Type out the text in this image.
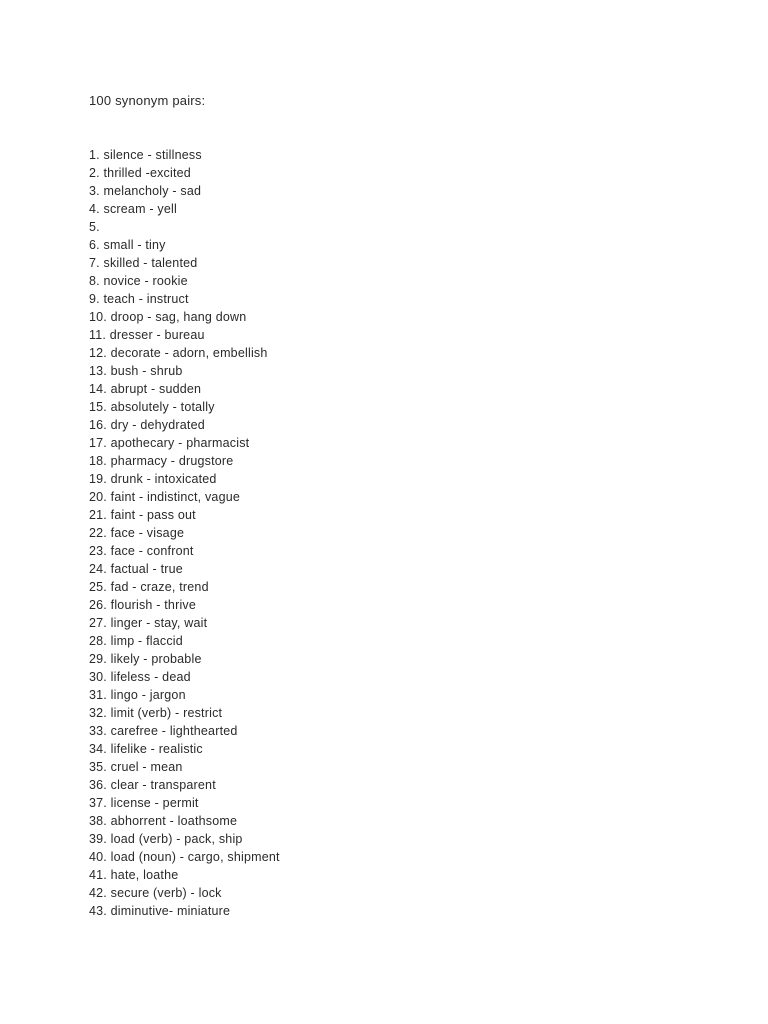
100 synonym pairs:
1. silence - stillness
2. thrilled -excited
3. melancholy - sad
4. scream - yell
5.
6. small - tiny
7. skilled - talented
8. novice - rookie
9. teach - instruct
10. droop - sag, hang down
11. dresser - bureau
12. decorate - adorn, embellish
13. bush - shrub
14. abrupt - sudden
15. absolutely - totally
16. dry - dehydrated
17. apothecary - pharmacist
18. pharmacy - drugstore
19. drunk - intoxicated
20. faint - indistinct, vague
21. faint - pass out
22. face - visage
23. face - confront
24. factual - true
25. fad - craze, trend
26. flourish - thrive
27. linger - stay, wait
28. limp - flaccid
29. likely - probable
30. lifeless - dead
31. lingo - jargon
32. limit (verb) - restrict
33. carefree - lighthearted
34. lifelike - realistic
35. cruel - mean
36. clear - transparent
37. license - permit
38. abhorrent - loathsome
39. load (verb) - pack, ship
40. load (noun) - cargo, shipment
41. hate, loathe
42. secure (verb) - lock
43. diminutive- miniature
